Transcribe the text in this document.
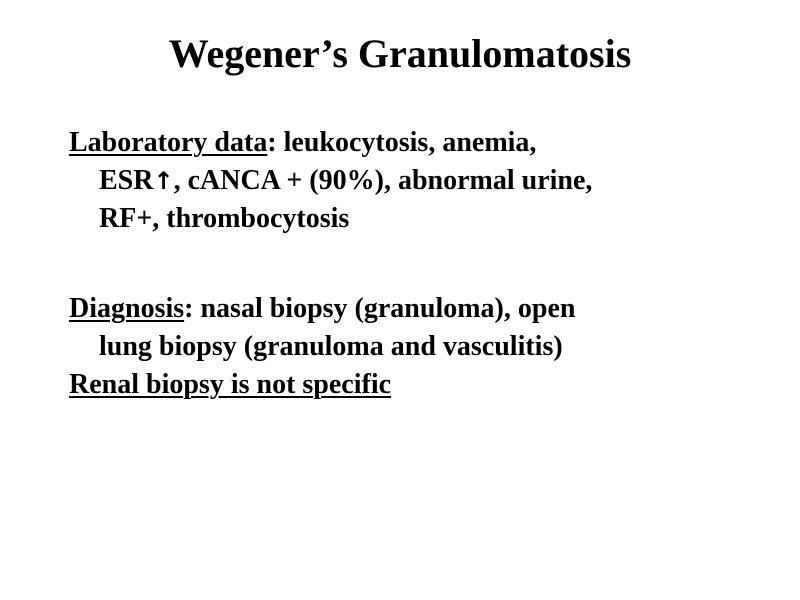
Wegener’s Granulomatosis

Laboratory data: leukocytosis, anemia,
ESR↑, cANCA + (90%), abnormal urine,
RF+, thrombocytosis

Diagnosis: nasal biopsy (granuloma), open
lung biopsy (granuloma and vasculitis)

Renal biopsy is not specific
